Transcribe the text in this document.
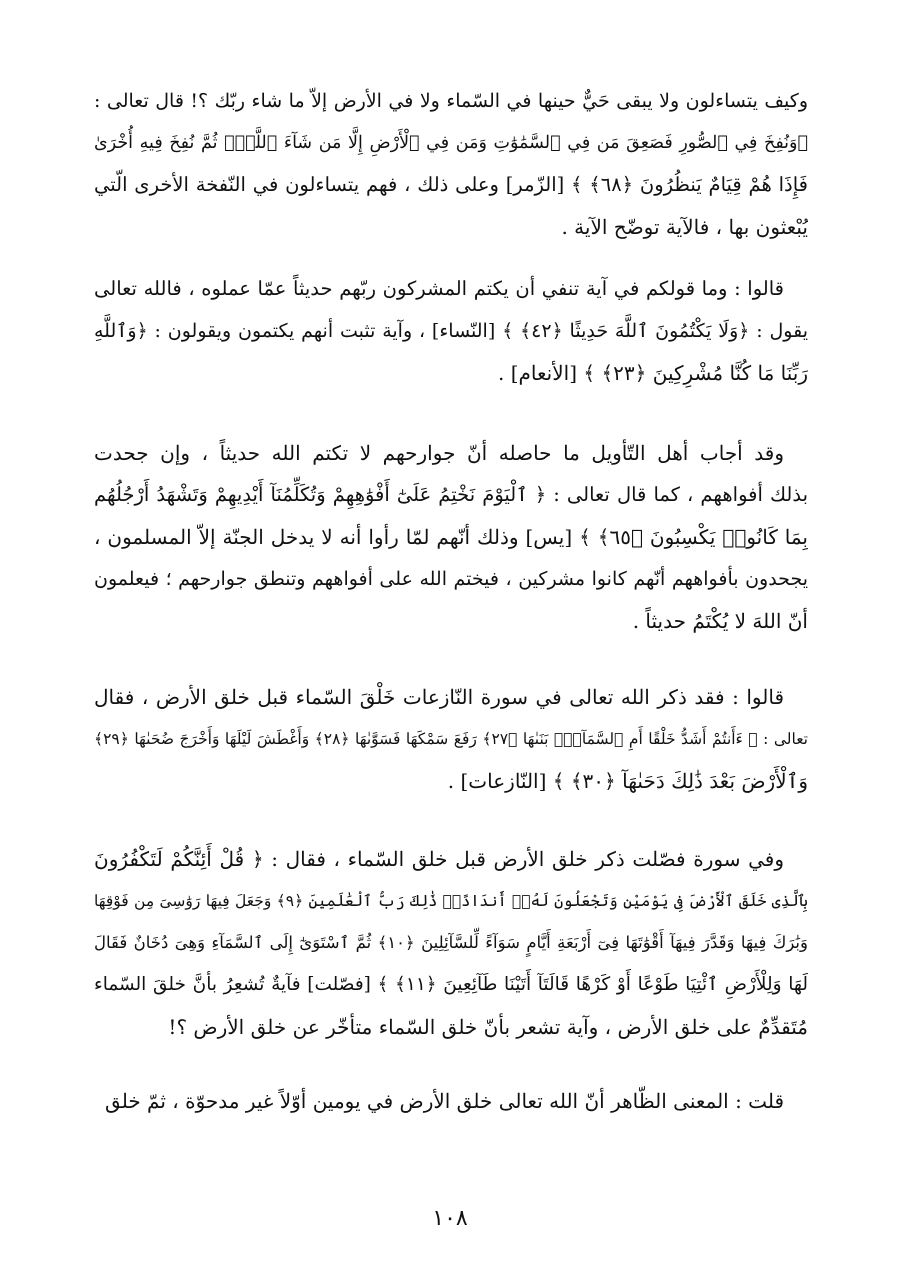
وكيف يتساءلون ولا يبقى حَيٌّ حينها في السّماء ولا في الأرض إلاّ ما شاء ربّك ؟! قال تعالى :
﴿وَنُفِخَ فِي ٱلصُّورِ فَصَعِقَ مَن فِي ٱلسَّمَٰوَٰتِ وَمَن فِي ٱلْأَرْضِ إِلَّا مَن شَآءَ ٱللَّهُۖ ثُمَّ نُفِخَ فِيهِ أُخْرَىٰ
فَإِذَا هُمْ قِيَامٌ يَنظُرُونَ ﴿٦٨﴾ ﴾ [الزّمر] وعلى ذلك ، فهم يتساءلون في النّفخة الأخرى الّتي
يُبْعثون بها ، فالآية توضّح الآية .
قالوا : وما قولكم في آية تنفي أن يكتم المشركون ربّهم حديثاً عمّا عملوه ، فالله تعالى
يقول : ﴿وَلَا يَكْتُمُونَ ٱللَّهَ حَدِيثًا ﴿٤٢﴾ ﴾ [النّساء] ، وآية تثبت أنهم يكتمون ويقولون : ﴿وَٱللَّهِ
رَبِّنَا مَا كُنَّا مُشْرِكِينَ ﴿٢٣﴾ ﴾ [الأنعام] .
وقد أجاب أهل التّأويل ما حاصله أنّ جوارحهم لا تكتم الله حديثاً ، وإن جحدت
بذلك أفواههم ، كما قال تعالى : ﴿ ٱلْيَوْمَ نَخْتِمُ عَلَىٰٓ أَفْوَٰهِهِمْ وَتُكَلِّمُنَآ أَيْدِيهِمْ وَتَشْهَدُ أَرْجُلُهُم
بِمَا كَانُوا۟ يَكْسِبُونَ ﴿٦٥﴾ ﴾ [يس] وذلك أنّهم لمّا رأوا أنه لا يدخل الجنّة إلاّ المسلمون ،
يجحدون بأفواههم أنّهم كانوا مشركين ، فيختم الله على أفواههم وتنطق جوارحهم ؛ فيعلمون
أنّ اللهَ لا يُكْتَمُ حديثاً .
قالوا : فقد ذكر الله تعالى في سورة النّازعات خَلْقَ السّماء قبل خلق الأرض ، فقال
تعالى : ﴿ ءَأَنتُمْ أَشَدُّ خَلْقًا أَمِ ٱلسَّمَآءُۚ بَنَىٰهَا ﴿٢٧﴾ رَفَعَ سَمْكَهَا فَسَوَّىٰهَا ﴿٢٨﴾ وَأَغْطَشَ لَيْلَهَا وَأَخْرَجَ ضُحَىٰهَا ﴿٢٩﴾
وَٱلْأَرْضَ بَعْدَ ذَٰلِكَ دَحَىٰهَآ ﴿٣٠﴾ ﴾ [النّازعات] .
وفي سورة فصّلت ذكر خلق الأرض قبل خلق السّماء ، فقال : ﴿ قُلْ أَئِنَّكُمْ لَتَكْفُرُونَ
بِٱلَّذِى خَلَقَ ٱلْأَرْضَ فِى يَوْمَيْنِ وَتَجْعَلُونَ لَهُۥٓ أَندَادًاۚ ذَٰلِكَ رَبُّ ٱلْعَٰلَمِينَ ﴿٩﴾ وَجَعَلَ فِيهَا رَوَٰسِىَ مِن فَوْقِهَا
وَبَٰرَكَ فِيهَا وَقَدَّرَ فِيهَآ أَقْوَٰتَهَا فِىٓ أَرْبَعَةِ أَيَّامٍ سَوَآءً لِّلسَّآئِلِينَ ﴿١٠﴾ ثُمَّ ٱسْتَوَىٰٓ إِلَى ٱلسَّمَآءِ وَهِىَ دُخَانٌ فَقَالَ
لَهَا وَلِلْأَرْضِ ٱئْتِيَا طَوْعًا أَوْ كَرْهًا قَالَتَآ أَتَيْنَا طَآئِعِينَ ﴿١١﴾ ﴾ [فصّلت] فآيةٌ تُشعِرُ بأنَّ خلقَ السّماء
مُتَقدِّمٌ على خلق الأرض ، وآية تشعر بأنّ خلق السّماء متأخّر عن خلق الأرض ؟!
قلت : المعنى الظّاهر أنّ الله تعالى خلق الأرض في يومين أوّلاً غير مدحوّة ، ثمّ خلق
١٠٨
